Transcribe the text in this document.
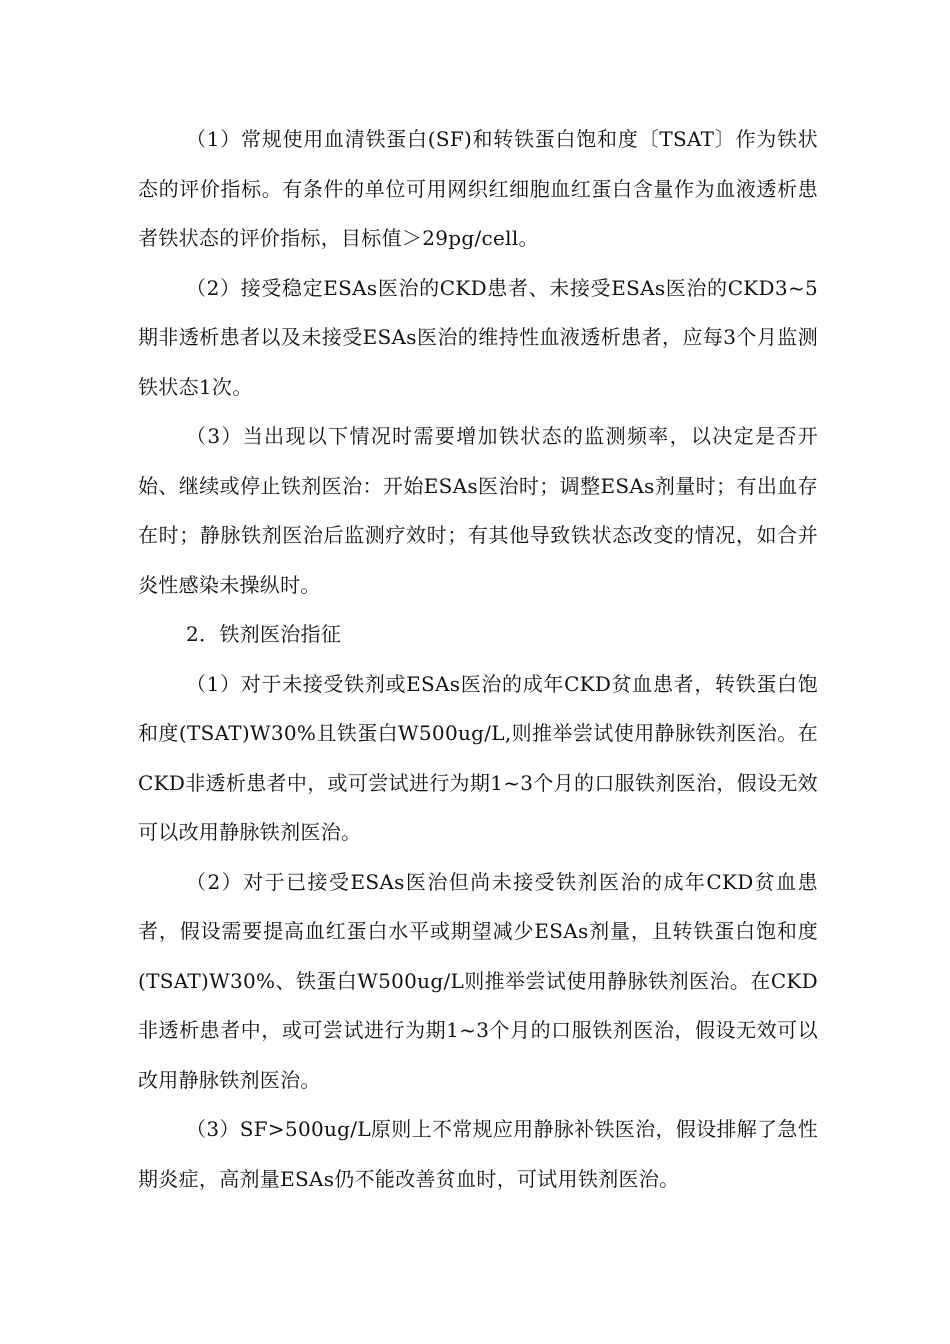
（1）常规使用血清铁蛋白(SF)和转铁蛋白饱和度〔TSAT〕作为铁状态的评价指标。有条件的单位可用网织红细胞血红蛋白含量作为血液透析患者铁状态的评价指标，目标值＞29pg/cell。

（2）接受稳定ESAs医治的CKD患者、未接受ESAs医治的CKD3~5期非透析患者以及未接受ESAs医治的维持性血液透析患者，应每3个月监测铁状态1次。

（3）当出现以下情况时需要增加铁状态的监测频率，以决定是否开始、继续或停止铁剂医治：开始ESAs医治时；调整ESAs剂量时；有出血存在时；静脉铁剂医治后监测疗效时；有其他导致铁状态改变的情况，如合并炎性感染未操纵时。

2．铁剂医治指征

（1）对于未接受铁剂或ESAs医治的成年CKD贫血患者，转铁蛋白饱和度(TSAT)W30%且铁蛋白W500ug/L,则推举尝试使用静脉铁剂医治。在CKD非透析患者中，或可尝试进行为期1~3个月的口服铁剂医治，假设无效可以改用静脉铁剂医治。

（2）对于已接受ESAs医治但尚未接受铁剂医治的成年CKD贫血患者，假设需要提高血红蛋白水平或期望减少ESAs剂量，且转铁蛋白饱和度(TSAT)W30%、铁蛋白W500ug/L则推举尝试使用静脉铁剂医治。在CKD非透析患者中，或可尝试进行为期1~3个月的口服铁剂医治，假设无效可以改用静脉铁剂医治。

（3）SF>500ug/L原则上不常规应用静脉补铁医治，假设排解了急性期炎症，高剂量ESAs仍不能改善贫血时，可试用铁剂医治。
